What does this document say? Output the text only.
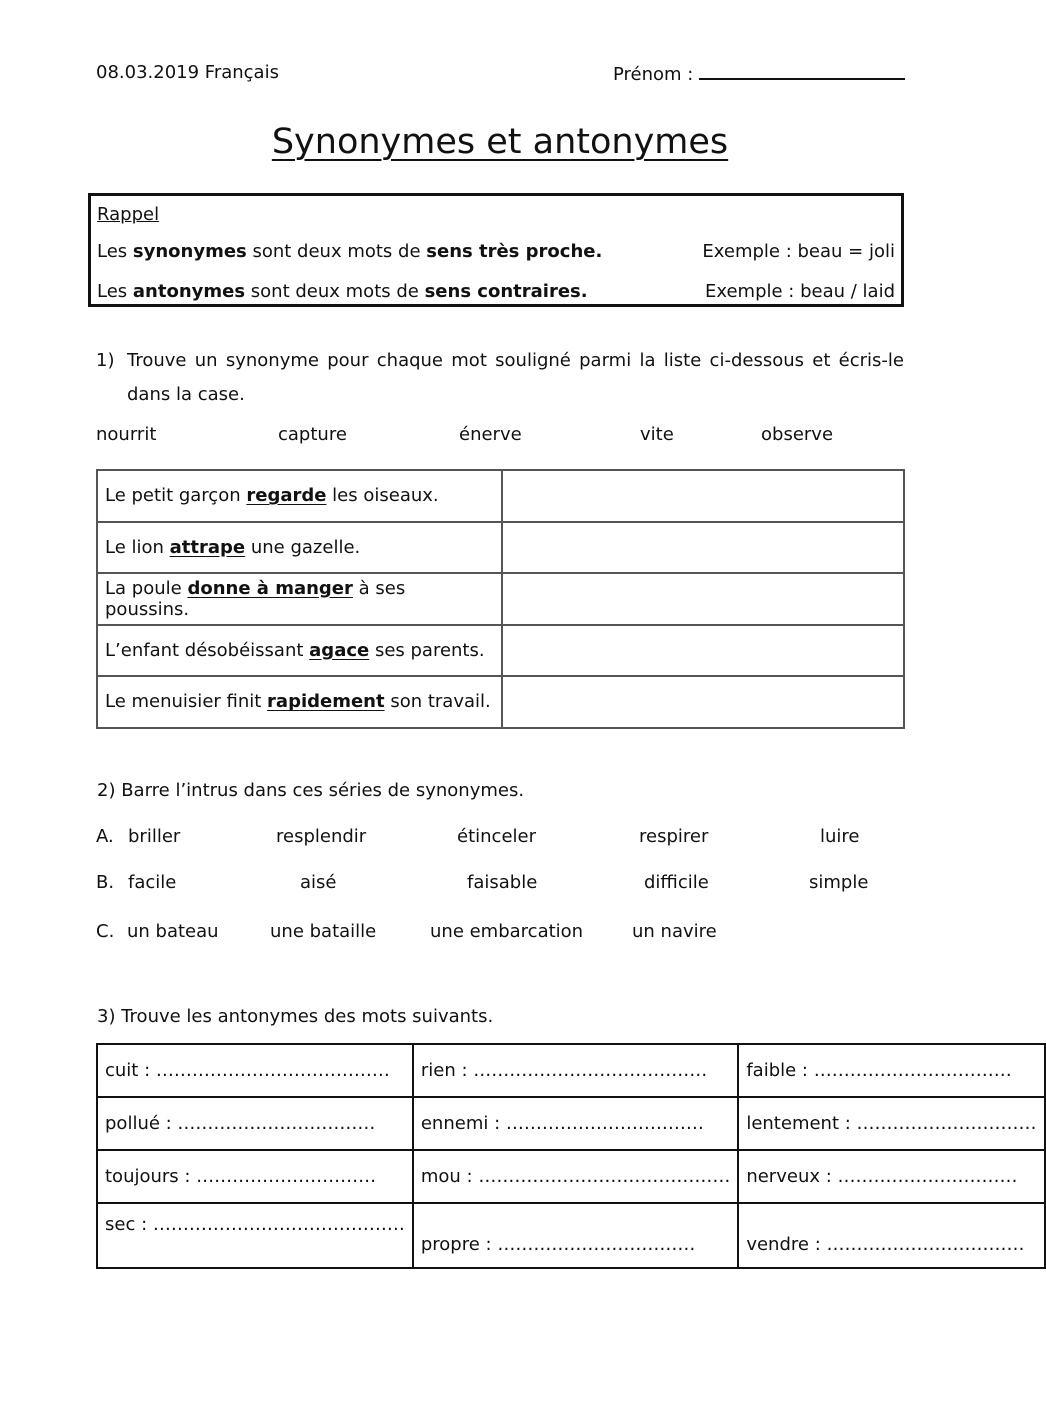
08.03.2019 Français	Prénom :
Synonymes et antonymes
Rappel
Les synonymes sont deux mots de sens très proche.	Exemple : beau = joli
Les antonymes sont deux mots de sens contraires.	Exemple : beau / laid
1) Trouve un synonyme pour chaque mot souligné parmi la liste ci-dessous et écris-le dans la case.
nourrit	capture	énerve	vite	observe
Le petit garçon regarde les oiseaux.	
Le lion attrape une gazelle.	
La poule donne à manger à ses poussins.	
L’enfant désobéissant agace ses parents.	
Le menuisier finit rapidement son travail.	
2) Barre l’intrus dans ces séries de synonymes.
A. briller	resplendir	étinceler	respirer	luire
B. facile	aisé	faisable	difficile	simple
C. un bateau	une bataille	une embarcation	un navire
3) Trouve les antonymes des mots suivants.
cuit : …………………………………	rien : …………………………………	faible : ……………………………
pollué : ……………………………	ennemi : ……………………………	lentement : …………………………
toujours : …………………………	mou : ……………………………………	nerveux : …………………………
sec : ……………………………………	propre : ……………………………	vendre : ……………………………
